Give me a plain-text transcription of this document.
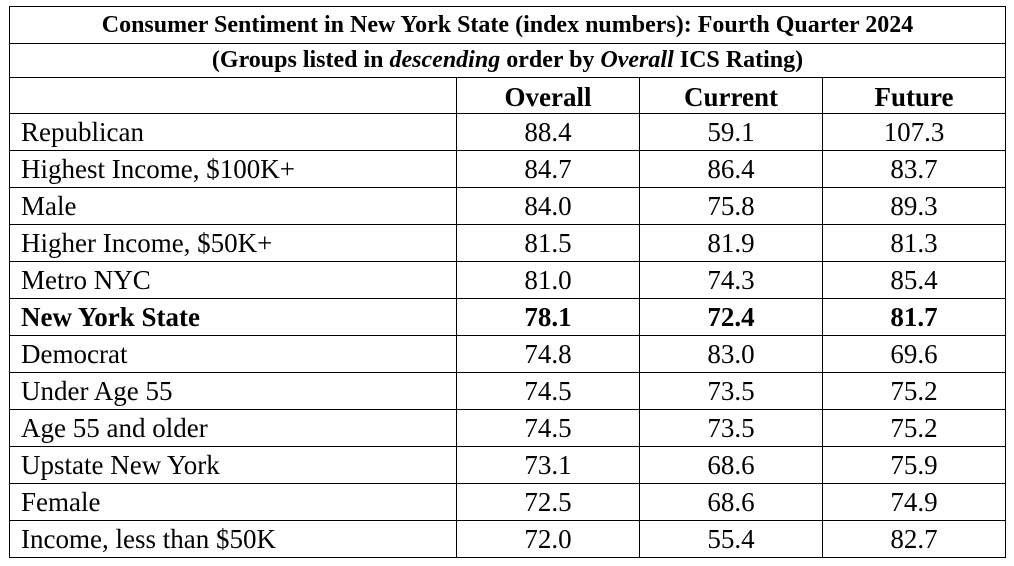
Consumer Sentiment in New York State (index numbers): Fourth Quarter 2024			
(Groups listed in descending order by Overall ICS Rating)			
	Overall	Current	Future
Republican	88.4	59.1	107.3
Highest Income, $100K+	84.7	86.4	83.7
Male	84.0	75.8	89.3
Higher Income, $50K+	81.5	81.9	81.3
Metro NYC	81.0	74.3	85.4
New York State	78.1	72.4	81.7
Democrat	74.8	83.0	69.6
Under Age 55	74.5	73.5	75.2
Age 55 and older	74.5	73.5	75.2
Upstate New York	73.1	68.6	75.9
Female	72.5	68.6	74.9
Income, less than $50K	72.0	55.4	82.7
